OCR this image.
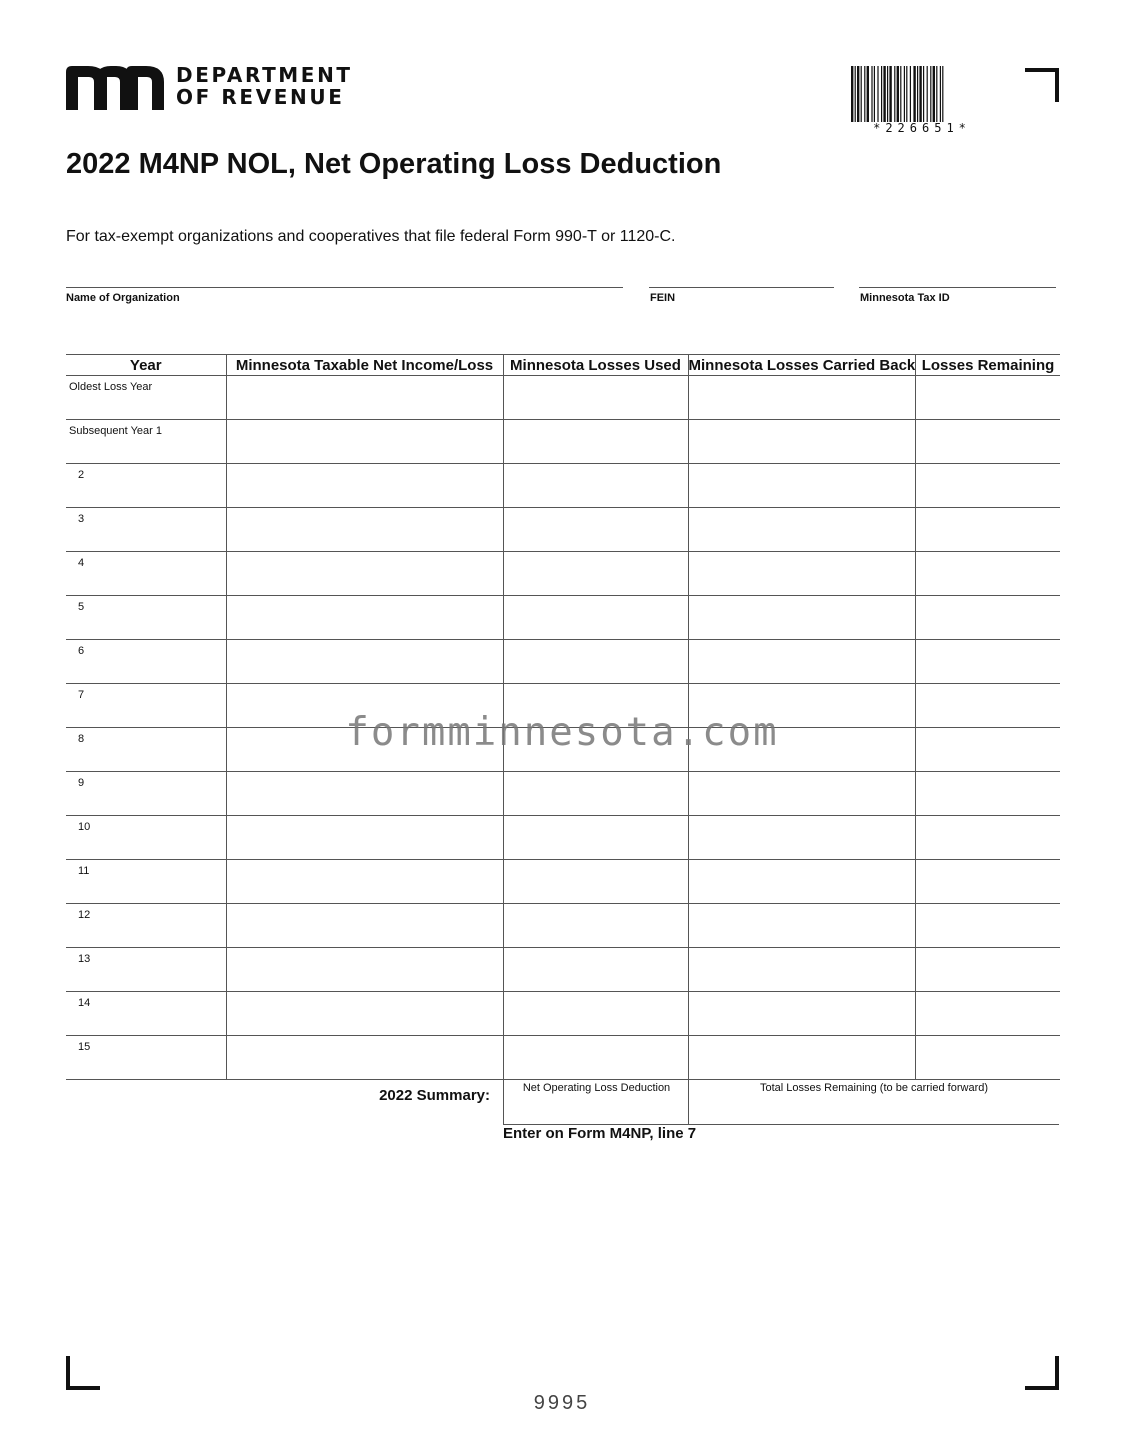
DEPARTMENT
OF REVENUE
*226651*
2022 M4NP NOL, Net Operating Loss Deduction
For tax-exempt organizations and cooperatives that file federal Form 990-T or 1120-C.
Name of Organization	FEIN	Minnesota Tax ID
Year	Minnesota Taxable Net Income/Loss	Minnesota Losses Used	Minnesota Losses Carried Back	Losses Remaining

Oldest Loss Year				

Subsequent Year 1				

2				

3				

4				

5				

6				

7				

8				

9				

10				

11				

12				

13				

14				

15				

2022 Summary:	Net Operating Loss Deduction	Total Losses Remaining (to be carried forward)
Enter on Form M4NP, line 7
formminnesota.com
9995
